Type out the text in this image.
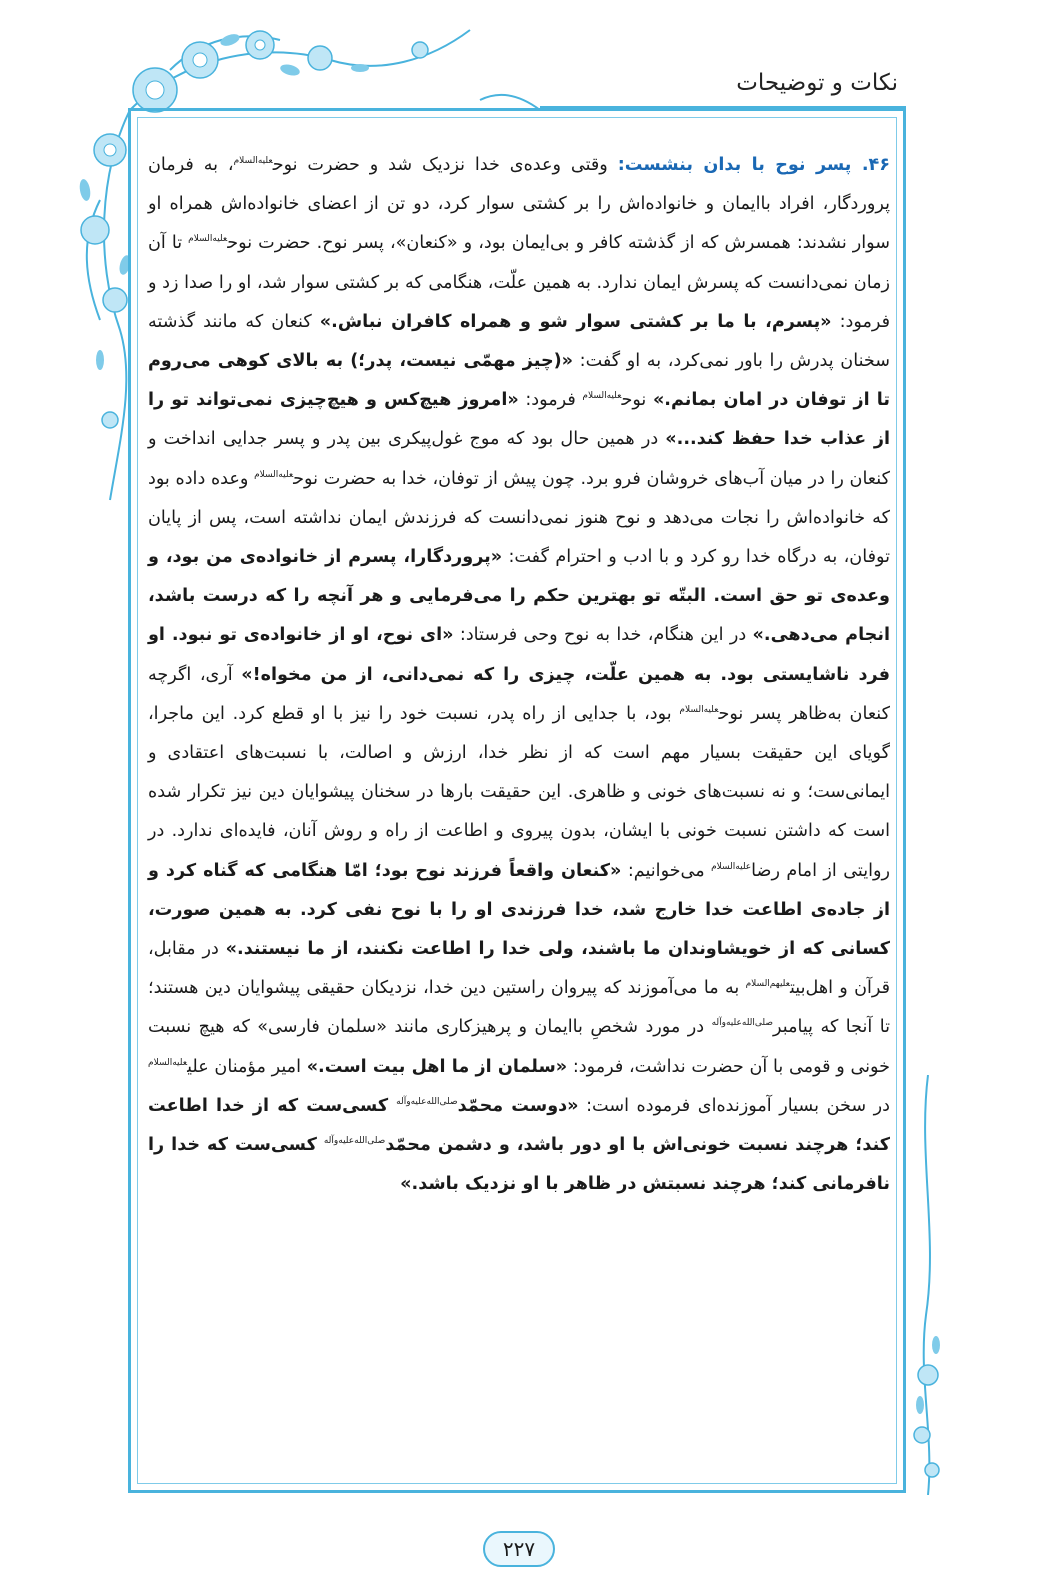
نکات و توضیحات
۴۶. پسر نوح با بدان بنشست: وقتی وعده‌ی خدا نزدیک شد و حضرت نوح$^{علیه‌السلام}$، به فرمان پروردگار، افراد باایمان و خانواده‌اش را بر کشتی سوار کرد، دو تن از اعضای خانواده‌اش همراه او سوار نشدند: همسرش که از گذشته کافر و بی‌ایمان بود، و «کنعان»، پسر نوح. حضرت نوح$^{علیه‌السلام}$ تا آن زمان نمی‌دانست که پسرش ایمان ندارد. به همین علّت، هنگامی که بر کشتی سوار شد، او را صدا زد و فرمود: «پسرم، با ما بر کشتی سوار شو و همراه کافران نباش.» کنعان که مانند گذشته سخنان پدرش را باور نمی‌کرد، به او گفت: «(چیز مهمّی نیست، پدر؛) به بالای کوهی می‌روم تا از توفان در امان بمانم.» نوح$^{علیه‌السلام}$ فرمود: «امروز هیچ‌کس و هیچ‌چیزی نمی‌تواند تو را از عذاب خدا حفظ کند...» در همین حال بود که موج غول‌پیکری بین پدر و پسر جدایی انداخت و کنعان را در میان آب‌های خروشان فرو برد. چون پیش از توفان، خدا به حضرت نوح$^{علیه‌السلام}$ وعده داده بود که خانواده‌اش را نجات می‌دهد و نوح هنوز نمی‌دانست که فرزندش ایمان نداشته است، پس از پایان توفان، به درگاه خدا رو کرد و با ادب و احترام گفت: «پروردگارا، پسرم از خانواده‌ی من بود، و وعده‌ی تو حق است. البتّه تو بهترین حکم را می‌فرمایی و هر آنچه را که درست باشد، انجام می‌دهی.» در این هنگام، خدا به نوح وحی فرستاد: «ای نوح، او از خانواده‌ی تو نبود. او فرد ناشایستی بود. به همین علّت، چیزی را که نمی‌دانی، از من مخواه!» آری، اگرچه کنعان به‌ظاهر پسر نوح$^{علیه‌السلام}$ بود، با جدایی از راه پدر، نسبت خود را نیز با او قطع کرد. این ماجرا، گویای این حقیقت بسیار مهم است که از نظر خدا، ارزش و اصالت، با نسبت‌های اعتقادی و ایمانی‌ست؛ و نه نسبت‌های خونی و ظاهری. این حقیقت بارها در سخنان پیشوایان دین نیز تکرار شده است که داشتن نسبت خونی با ایشان، بدون پیروی و اطاعت از راه و روش آنان، فایده‌ای ندارد. در روایتی از امام رضا$^{علیه‌السلام}$ می‌خوانیم: «کنعان واقعاً فرزند نوح بود؛ امّا هنگامی که گناه کرد و از جاده‌ی اطاعت خدا خارج شد، خدا فرزندی او را با نوح نفی کرد. به همین صورت، کسانی که از خویشاوندان ما باشند، ولی خدا را اطاعت نکنند، از ما نیستند.» در مقابل، قرآن و اهل‌بیت$^{علیهم‌السلام}$ به ما می‌آموزند که پیروان راستین دین خدا، نزدیکان حقیقی پیشوایان دین هستند؛ تا آنجا که پیامبر$^{صلی‌الله‌علیه‌وآله}$ در مورد شخصِ باایمان و پرهیزکاری مانند «سلمان فارسی» که هیچ نسبت خونی و قومی با آن حضرت نداشت، فرمود: «سلمان از ما اهل بیت است.» امیر مؤمنان علی$^{علیه‌السلام}$ در سخن بسیار آموزنده‌ای فرموده است: «دوست محمّد$^{صلی‌الله‌علیه‌وآله}$ کسی‌ست که از خدا اطاعت کند؛ هرچند نسبت خونی‌اش با او دور باشد، و دشمن محمّد$^{صلی‌الله‌علیه‌وآله}$ کسی‌ست که خدا را نافرمانی کند؛ هرچند نسبتش در ظاهر با او نزدیک باشد.»
۲۲۷
